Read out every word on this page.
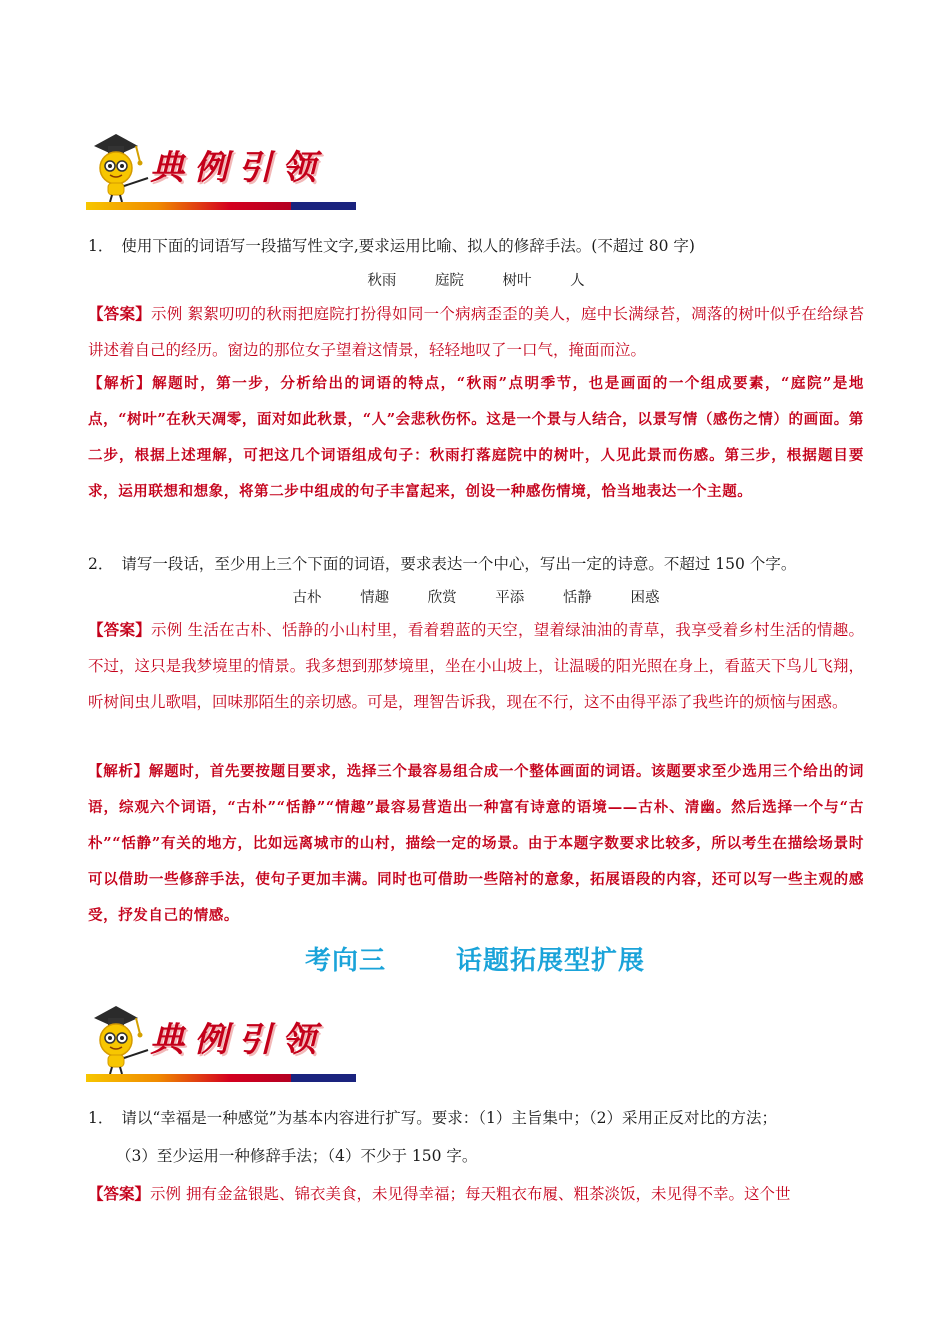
典例引领
1． 使用下面的词语写一段描写性文字,要求运用比喻、拟人的修辞手法。(不超过 80 字)
秋雨	庭院	树叶	人
【答案】示例 絮絮叨叨的秋雨把庭院打扮得如同一个病病歪歪的美人，庭中长满绿苔，凋落的树叶似乎在给绿苔讲述着自己的经历。窗边的那位女子望着这情景，轻轻地叹了一口气，掩面而泣。
【解析】解题时，第一步，分析给出的词语的特点，“秋雨”点明季节，也是画面的一个组成要素，“庭院”是地点，“树叶”在秋天凋零，面对如此秋景，“人”会悲秋伤怀。这是一个景与人结合，以景写情（感伤之情）的画面。第二步，根据上述理解，可把这几个词语组成句子：秋雨打落庭院中的树叶，人见此景而伤感。第三步，根据题目要求，运用联想和想象，将第二步中组成的句子丰富起来，创设一种感伤情境，恰当地表达一个主题。
2． 请写一段话，至少用上三个下面的词语，要求表达一个中心，写出一定的诗意。不超过 150 个字。
古朴	情趣	欣赏	平添	恬静	困惑
【答案】示例 生活在古朴、恬静的小山村里，看着碧蓝的天空，望着绿油油的青草，我享受着乡村生活的情趣。不过，这只是我梦境里的情景。我多想到那梦境里，坐在小山坡上，让温暖的阳光照在身上，看蓝天下鸟儿飞翔，听树间虫儿歌唱，回味那陌生的亲切感。可是，理智告诉我，现在不行，这不由得平添了我些许的烦恼与困惑。
【解析】解题时，首先要按题目要求，选择三个最容易组合成一个整体画面的词语。该题要求至少选用三个给出的词语，综观六个词语，“古朴”“恬静”“情趣”最容易营造出一种富有诗意的语境——古朴、清幽。然后选择一个与“古朴”“恬静”有关的地方，比如远离城市的山村，描绘一定的场景。由于本题字数要求比较多，所以考生在描绘场景时可以借助一些修辞手法，使句子更加丰满。同时也可借助一些陪衬的意象，拓展语段的内容，还可以写一些主观的感受，抒发自己的情感。
考向三	话题拓展型扩展
典例引领
1． 请以“幸福是一种感觉”为基本内容进行扩写。要求：（1）主旨集中；（2）采用正反对比的方法；
（3）至少运用一种修辞手法；（4）不少于 150 字。
【答案】示例 拥有金盆银匙、锦衣美食，未见得幸福；每天粗衣布履、粗茶淡饭，未见得不幸。这个世
